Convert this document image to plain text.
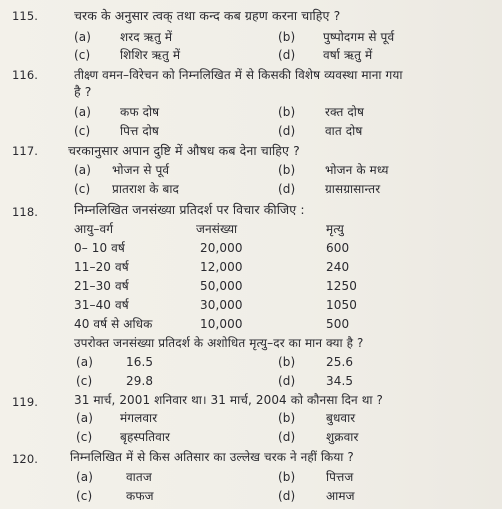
115.	चरक के अनुसार त्वक् तथा कन्द कब ग्रहण करना चाहिए ?
(a) शरद ऋतु में	(b) पुष्पोदगम से पूर्व
(c) शिशिर ऋतु में	(d) वर्षा ऋतु में
116.	तीक्ष्ण वमन–विरेचन को निम्नलिखित में से किसकी विशेष व्यवस्था माना गया
है ?
(a) कफ दोष	(b) रक्त दोष
(c) पित्त दोष	(d) वात दोष
117. चरकानुसार अपान दुष्टि में औषध कब देना चाहिए ?
(a) भोजन से पूर्व	(b) भोजन के मध्य
(c) प्रातराश के बाद	(d) ग्रासग्रासान्तर
118.	निम्नलिखित जनसंख्या प्रतिदर्श पर विचार कीजिए :
आयु–वर्ग	जनसंख्या	मृत्यु
0– 10 वर्ष	20,000	600
11–20 वर्ष	12,000	240
21–30 वर्ष	50,000	1250
31–40 वर्ष	30,000	1050
40 वर्ष से अधिक	10,000	500
उपरोक्त जनसंख्या प्रतिदर्श के अशोधित मृत्यु–दर का मान क्या है ?
(a)	16.5	(b)	25.6
(c)	29.8	(d)	34.5
119.	31 मार्च, 2001 शनिवार था। 31 मार्च, 2004 को कौनसा दिन था ?
(a) मंगलवार	(b)	बुधवार
(c) बृहस्पतिवार	(d)	शुक्रवार
120.	निम्नलिखित में से किस अतिसार का उल्लेख चरक ने नहीं किया ?
(a)	वातज	(b)	पित्तज
(c)	कफज	(d)	आमज
